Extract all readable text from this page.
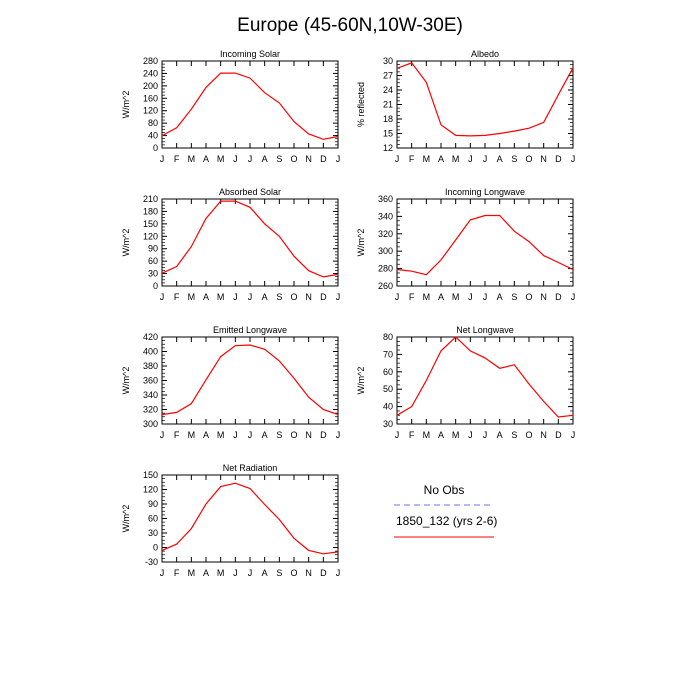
Europe (45-60N,10W-30E)
Incoming Solar
W/m^2
0
40
80
120
160
200
240
280
J F M A M J J A S O N D J
Albedo
% reflected
12
15
18
21
24
27
30
J F M A M J J A S O N D J
Absorbed Solar
W/m^2
0
30
60
90
120
150
180
210
J F M A M J J A S O N D J
Incoming Longwave
W/m^2
260
280
300
320
340
360
J F M A M J J A S O N D J
Emitted Longwave
W/m^2
300
320
340
360
380
400
420
J F M A M J J A S O N D J
Net Longwave
W/m^2
30
40
50
60
70
80
J F M A M J J A S O N D J
Net Radiation
W/m^2
-30
0
30
60
90
120
150
J F M A M J J A S O N D J
No Obs
1850_132 (yrs 2-6)
